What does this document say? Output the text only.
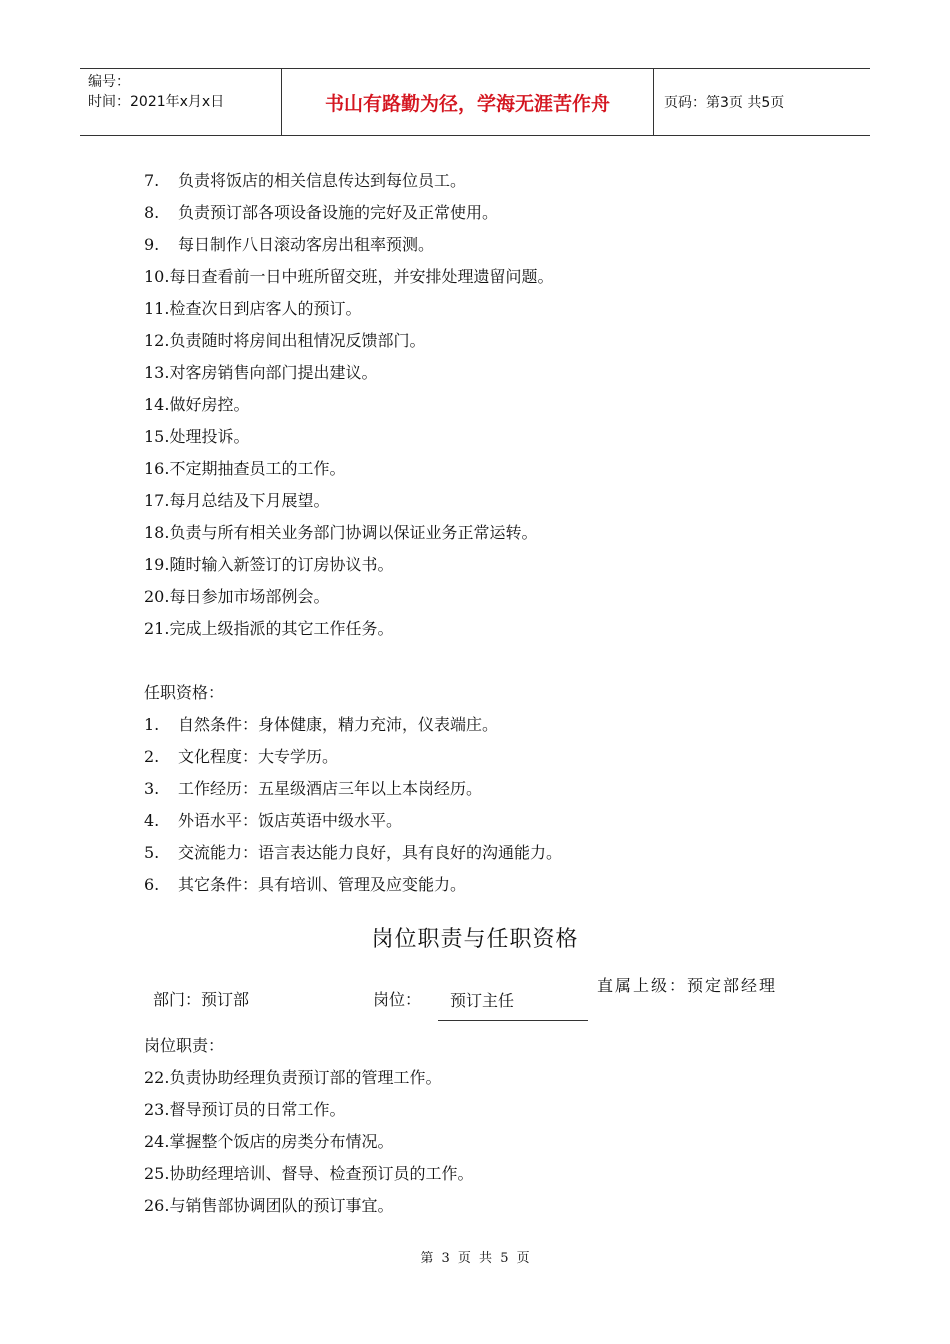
编号：
时间：2021年x月x日	书山有路勤为径，学海无涯苦作舟	页码：第3页 共5页
7. 负责将饭店的相关信息传达到每位员工。
8. 负责预订部各项设备设施的完好及正常使用。
9. 每日制作八日滚动客房出租率预测。
10.每日查看前一日中班所留交班，并安排处理遗留问题。
11.检查次日到店客人的预订。
12.负责随时将房间出租情况反馈部门。
13.对客房销售向部门提出建议。
14.做好房控。
15.处理投诉。
16.不定期抽查员工的工作。
17.每月总结及下月展望。
18.负责与所有相关业务部门协调以保证业务正常运转。
19.随时输入新签订的订房协议书。
20.每日参加市场部例会。
21.完成上级指派的其它工作任务。
任职资格：
1. 自然条件：身体健康，精力充沛，仪表端庄。
2. 文化程度：大专学历。
3. 工作经历：五星级酒店三年以上本岗经历。
4. 外语水平：饭店英语中级水平。
5. 交流能力：语言表达能力良好，具有良好的沟通能力。
6. 其它条件：具有培训、管理及应变能力。
岗位职责与任职资格
部门：预订部	岗位：	预订主任
直属上级：预定部经理
岗位职责：
22.负责协助经理负责预订部的管理工作。
23.督导预订员的日常工作。
24.掌握整个饭店的房类分布情况。
25.协助经理培训、督导、检查预订员的工作。
26.与销售部协调团队的预订事宜。
第 3 页 共 5 页
